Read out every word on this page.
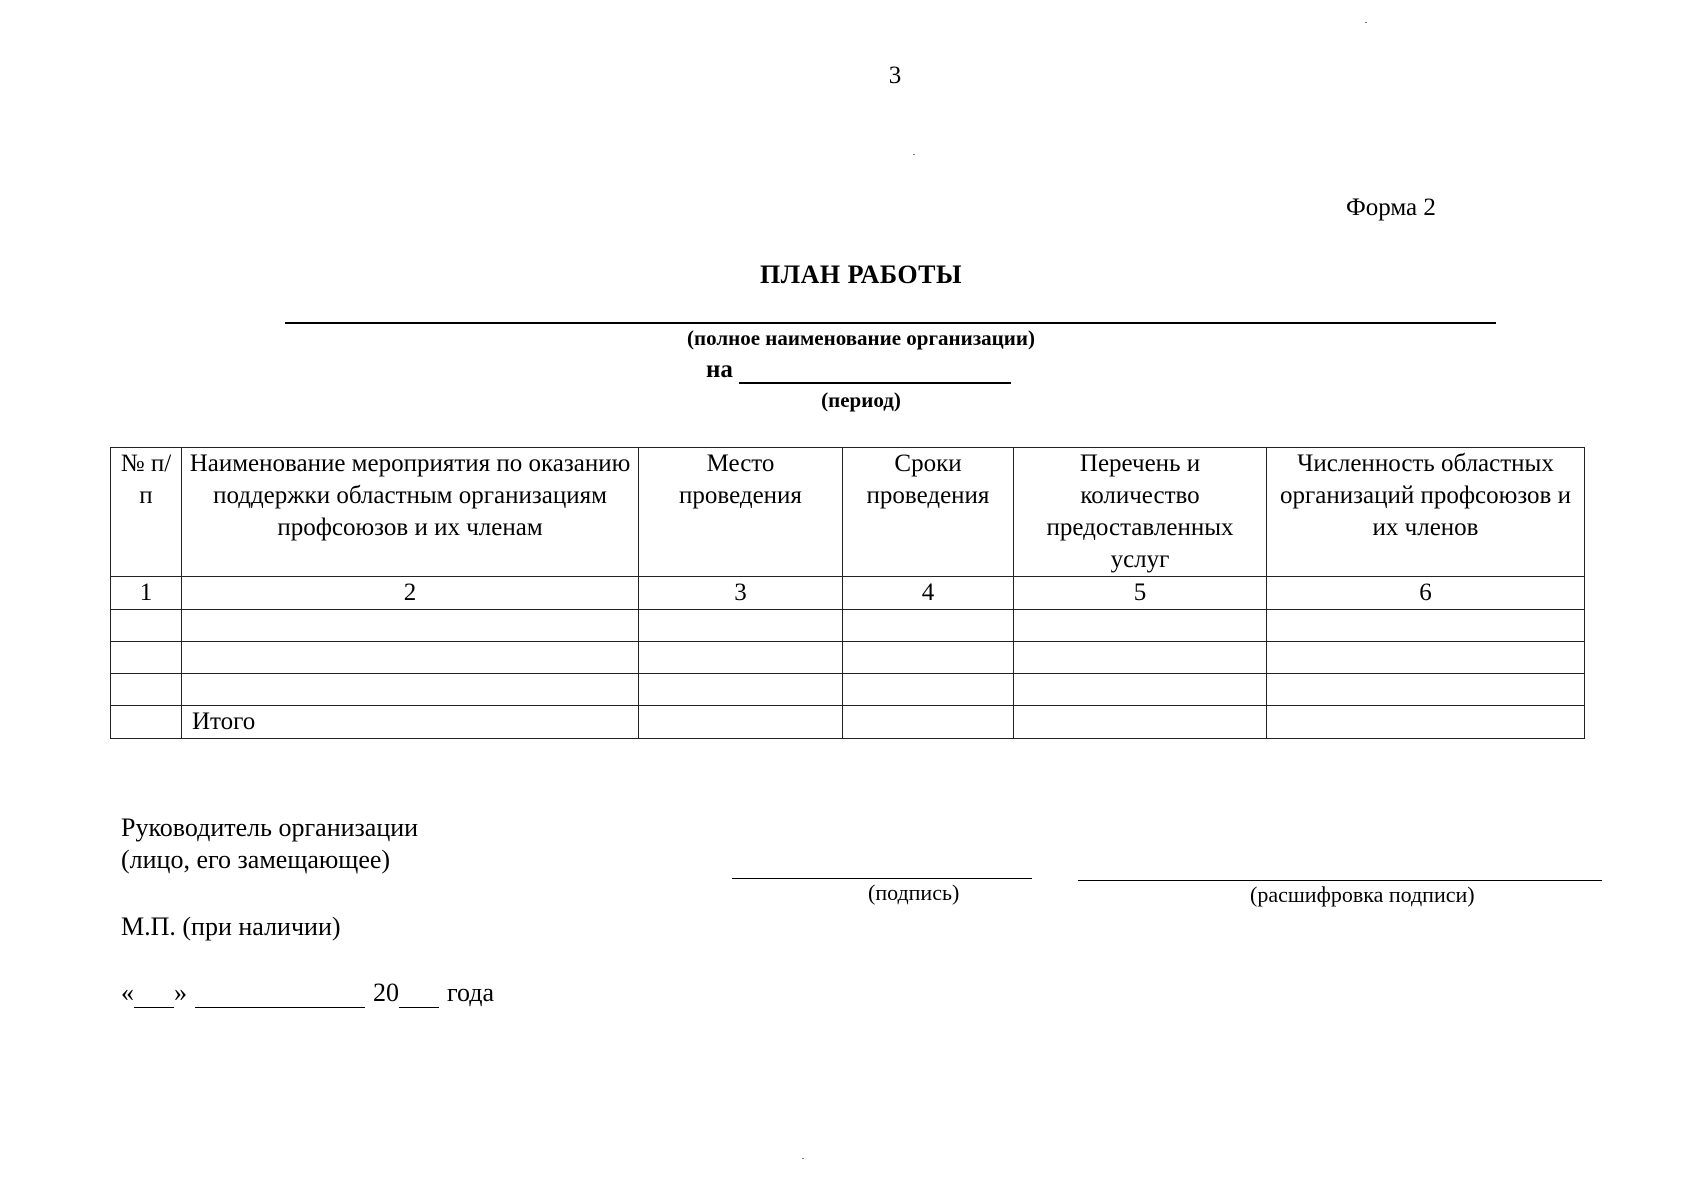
3
Форма 2
ПЛАН РАБОТЫ
(полное наименование организации)
на
(период)
№ п/п	Наименование мероприятия по оказанию поддержки областным организациям профсоюзов и их членам	Место проведения	Сроки проведения	Перечень и количество предоставленных услуг	Численность областных организаций профсоюзов и их членов
1	2	3	4	5	6

	Итого				
Руководитель организации
(лицо, его замещающее)
(подпись)	(расшифровка подписи)
М.П. (при наличии)
« »	20 года
